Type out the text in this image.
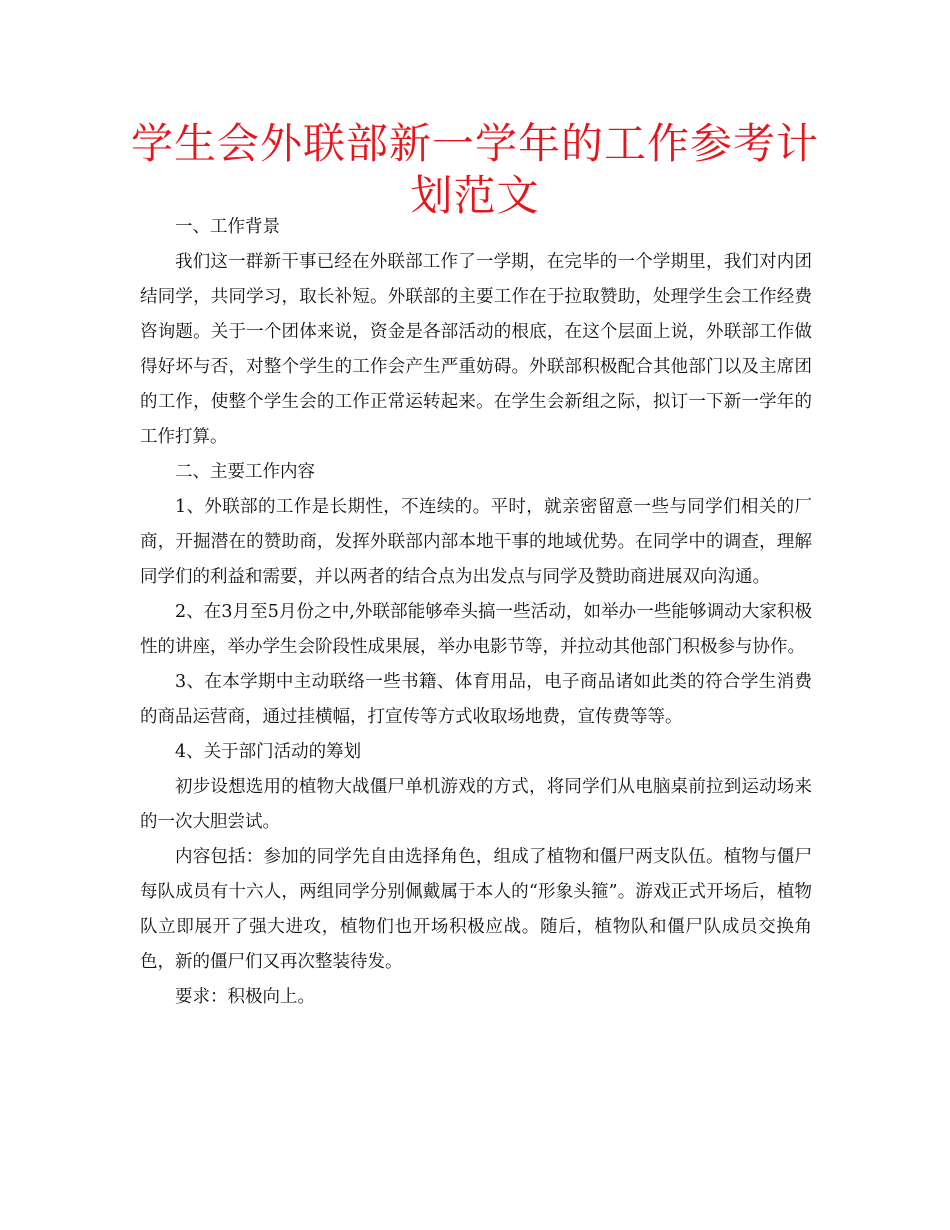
学生会外联部新一学年的工作参考计划范文

一、工作背景

我们这一群新干事已经在外联部工作了一学期，在完毕的一个学期里，我们对内团结同学，共同学习，取长补短。外联部的主要工作在于拉取赞助，处理学生会工作经费咨询题。关于一个团体来说，资金是各部活动的根底，在这个层面上说，外联部工作做得好坏与否，对整个学生的工作会产生严重妨碍。外联部积极配合其他部门以及主席团的工作，使整个学生会的工作正常运转起来。在学生会新组之际，拟订一下新一学年的工作打算。

二、主要工作内容

1、外联部的工作是长期性，不连续的。平时，就亲密留意一些与同学们相关的厂商，开掘潜在的赞助商，发挥外联部内部本地干事的地域优势。在同学中的调查，理解同学们的利益和需要，并以两者的结合点为出发点与同学及赞助商进展双向沟通。

2、在3月至5月份之中,外联部能够牵头搞一些活动，如举办一些能够调动大家积极性的讲座，举办学生会阶段性成果展，举办电影节等，并拉动其他部门积极参与协作。

3、在本学期中主动联络一些书籍、体育用品，电子商品诸如此类的符合学生消费的商品运营商，通过挂横幅，打宣传等方式收取场地费，宣传费等等。

4、关于部门活动的筹划

初步设想选用的植物大战僵尸单机游戏的方式，将同学们从电脑桌前拉到运动场来的一次大胆尝试。

内容包括：参加的同学先自由选择角色，组成了植物和僵尸两支队伍。植物与僵尸每队成员有十六人，两组同学分别佩戴属于本人的“形象头箍”。游戏正式开场后，植物队立即展开了强大进攻，植物们也开场积极应战。随后，植物队和僵尸队成员交换角色，新的僵尸们又再次整装待发。

要求：积极向上。
